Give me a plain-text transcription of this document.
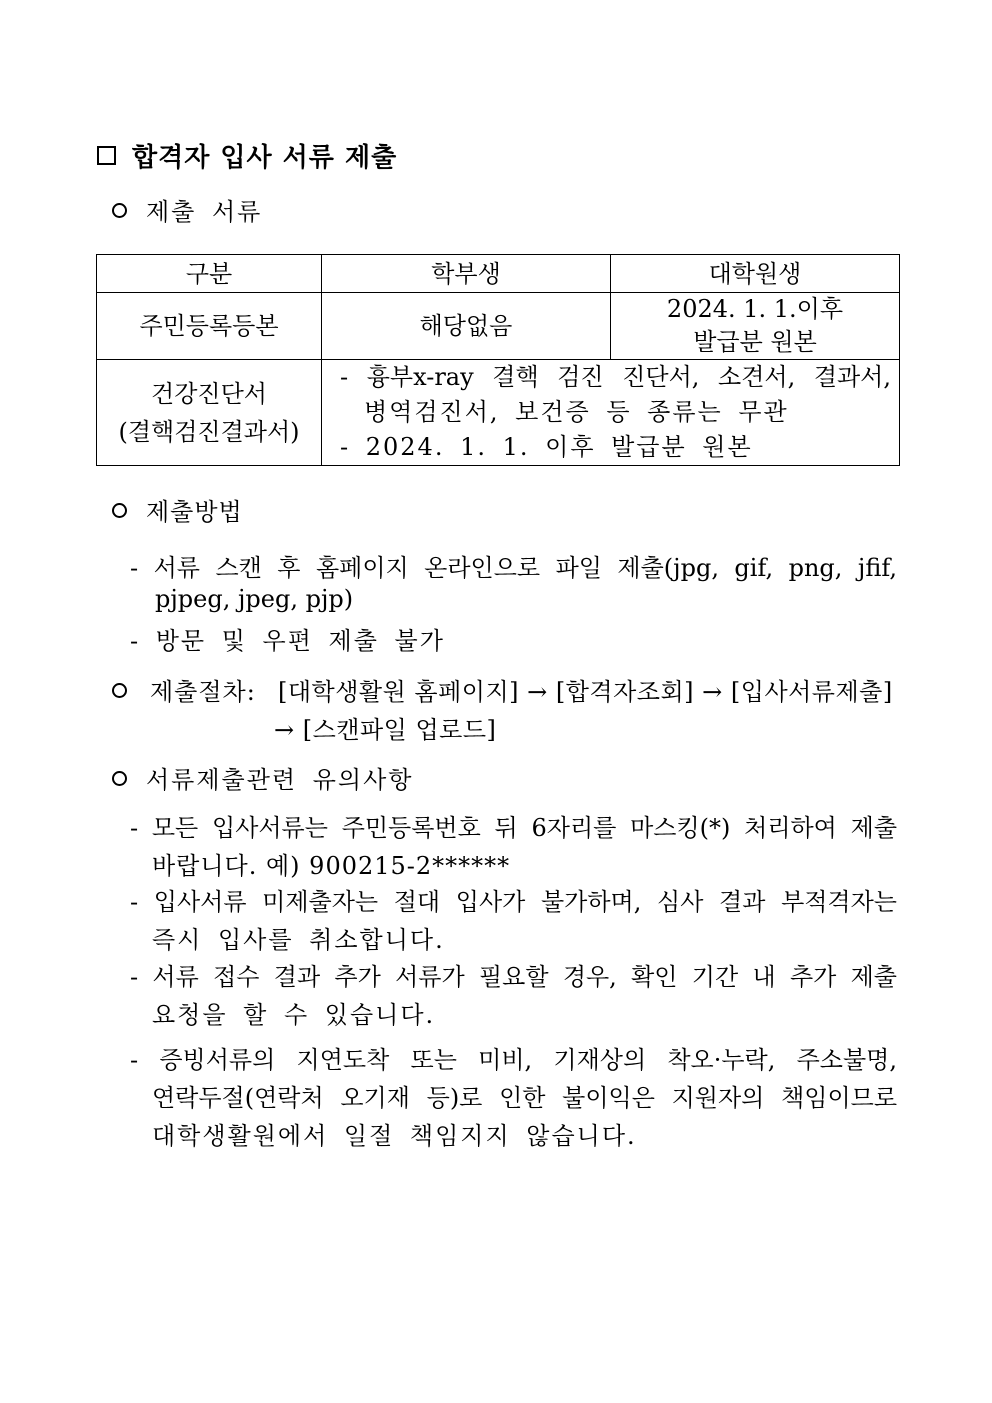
합격자 입사 서류 제출
제출 서류
구분	학부생	대학원생
주민등록등본	해당없음	2024. 1. 1.이후
발급분 원본

건강진단서
(결핵검진결과서)	- 흉부x-ray 결핵 검진 진단서, 소견서, 결과서,
병역검진서, 보건증 등 종류는 무관
- 2024. 1. 1. 이후 발급분 원본	
제출방법
- 서류 스캔 후 홈페이지 온라인으로 파일 제출(jpg, gif, png, jfif,
pjpeg, jpeg, pjp)
- 방문 및 우편 제출 불가
제출절차: [대학생활원 홈페이지] → [합격자조회] → [입사서류제출]
→ [스캔파일 업로드]
서류제출관련 유의사항
- 모든 입사서류는 주민등록번호 뒤 6자리를 마스킹(*) 처리하여 제출
바랍니다. 예) 900215-2******
- 입사서류 미제출자는 절대 입사가 불가하며, 심사 결과 부적격자는
즉시 입사를 취소합니다.
- 서류 접수 결과 추가 서류가 필요할 경우, 확인 기간 내 추가 제출
요청을 할 수 있습니다.
- 증빙서류의 지연도착 또는 미비, 기재상의 착오·누락, 주소불명,
연락두절(연락처 오기재 등)로 인한 불이익은 지원자의 책임이므로
대학생활원에서 일절 책임지지 않습니다.
